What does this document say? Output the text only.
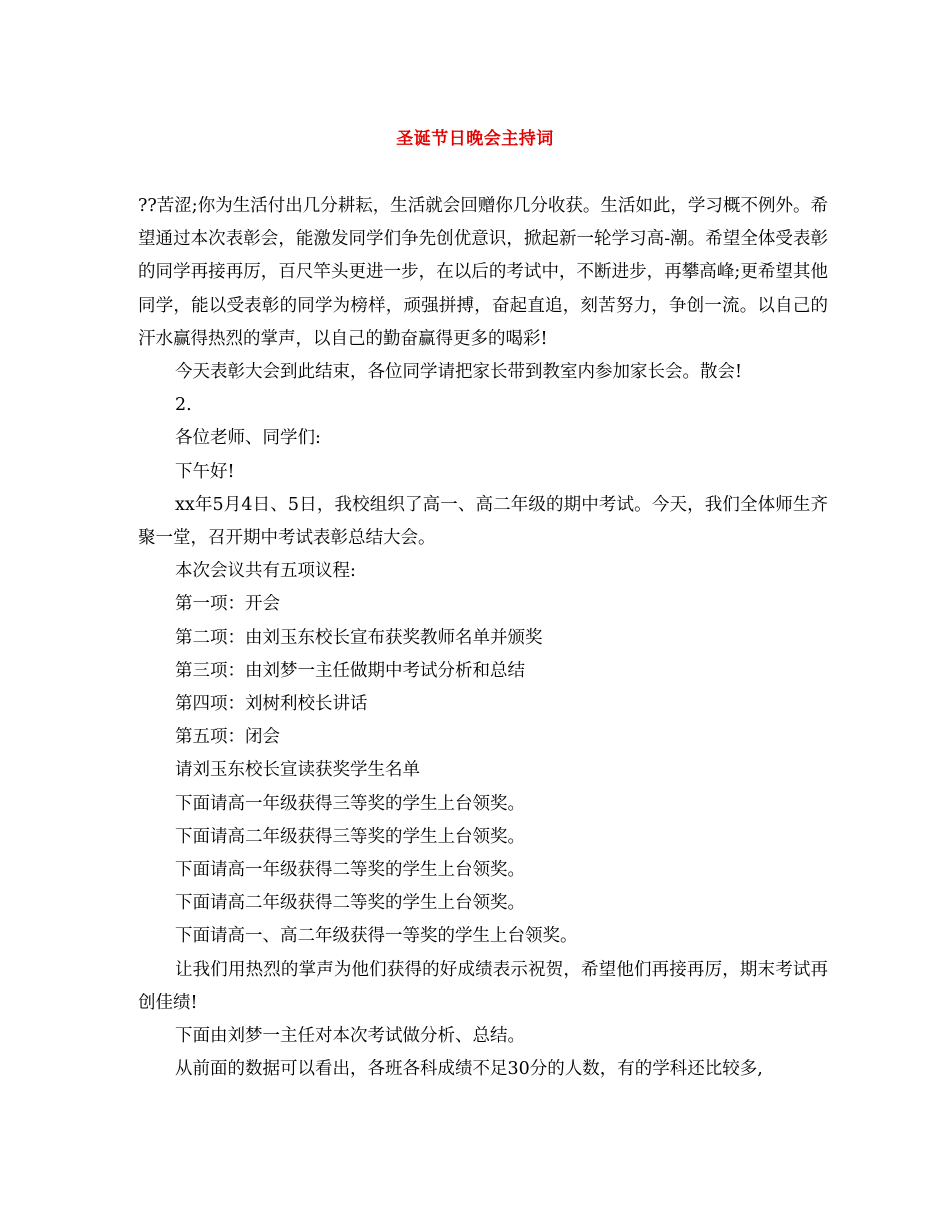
圣诞节日晚会主持词

??苦涩;你为生活付出几分耕耘，生活就会回赠你几分收获。生活如此，学习概不例外。希望通过本次表彰会，能激发同学们争先创优意识，掀起新一轮学习高-潮。希望全体受表彰的同学再接再厉，百尺竿头更进一步，在以后的考试中，不断进步，再攀高峰;更希望其他同学，能以受表彰的同学为榜样，顽强拼搏，奋起直追，刻苦努力，争创一流。以自己的汗水赢得热烈的掌声，以自己的勤奋赢得更多的喝彩!

今天表彰大会到此结束，各位同学请把家长带到教室内参加家长会。散会!

2.

各位老师、同学们:

下午好!

xx年5月4日、5日，我校组织了高一、高二年级的期中考试。今天，我们全体师生齐聚一堂，召开期中考试表彰总结大会。

本次会议共有五项议程:

第一项：开会

第二项：由刘玉东校长宣布获奖教师名单并颁奖

第三项：由刘梦一主任做期中考试分析和总结

第四项：刘树利校长讲话

第五项：闭会

请刘玉东校长宣读获奖学生名单

下面请高一年级获得三等奖的学生上台领奖。

下面请高二年级获得三等奖的学生上台领奖。

下面请高一年级获得二等奖的学生上台领奖。

下面请高二年级获得二等奖的学生上台领奖。

下面请高一、高二年级获得一等奖的学生上台领奖。

让我们用热烈的掌声为他们获得的好成绩表示祝贺，希望他们再接再厉，期末考试再创佳绩!

下面由刘梦一主任对本次考试做分析、总结。

从前面的数据可以看出，各班各科成绩不足30分的人数，有的学科还比较多,
